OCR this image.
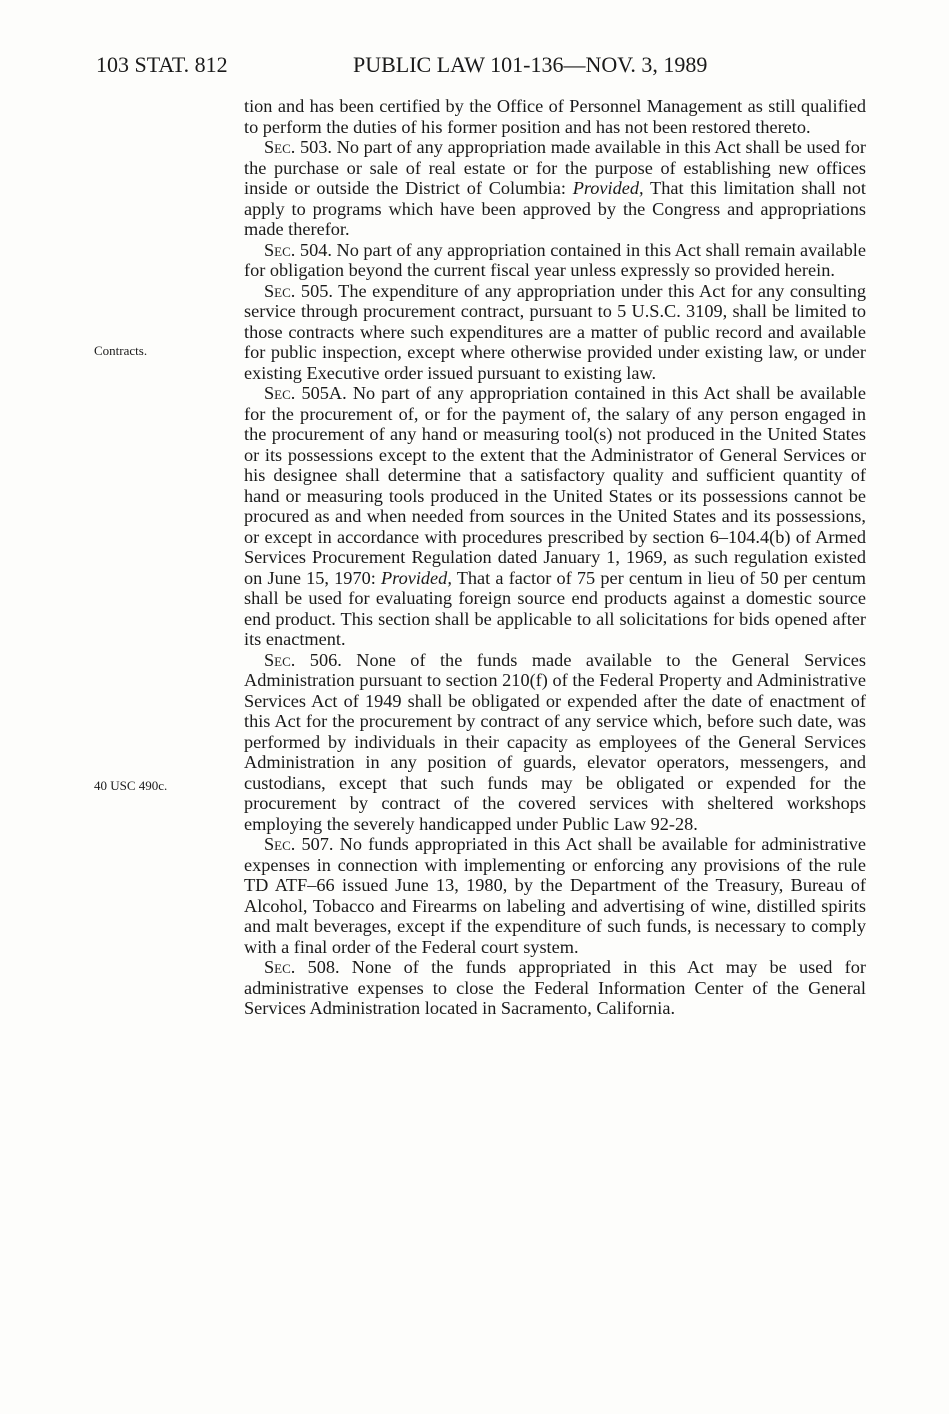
103 STAT. 812	PUBLIC LAW 101-136—NOV. 3, 1989
Contracts.
40 USC 490c.

tion and has been certified by the Office of Personnel Management as still qualified to perform the duties of his former position and has not been restored thereto.

Sec. 503. No part of any appropriation made available in this Act shall be used for the purchase or sale of real estate or for the purpose of establishing new offices inside or outside the District of Columbia: Provided, That this limitation shall not apply to programs which have been approved by the Congress and appropriations made therefor.

Sec. 504. No part of any appropriation contained in this Act shall remain available for obligation beyond the current fiscal year unless expressly so provided herein.

Sec. 505. The expenditure of any appropriation under this Act for any consulting service through procurement contract, pursuant to 5 U.S.C. 3109, shall be limited to those contracts where such expenditures are a matter of public record and available for public inspection, except where otherwise provided under existing law, or under existing Executive order issued pursuant to existing law.

Sec. 505A. No part of any appropriation contained in this Act shall be available for the procurement of, or for the payment of, the salary of any person engaged in the procurement of any hand or measuring tool(s) not produced in the United States or its possessions except to the extent that the Administrator of General Services or his designee shall determine that a satisfactory quality and sufficient quantity of hand or measuring tools produced in the United States or its possessions cannot be procured as and when needed from sources in the United States and its possessions, or except in accordance with procedures prescribed by section 6–104.4(b) of Armed Services Procurement Regulation dated January 1, 1969, as such regulation existed on June 15, 1970: Provided, That a factor of 75 per centum in lieu of 50 per centum shall be used for evaluating foreign source end products against a domestic source end product. This section shall be applicable to all solicitations for bids opened after its enactment.

Sec. 506. None of the funds made available to the General Services Administration pursuant to section 210(f) of the Federal Property and Administrative Services Act of 1949 shall be obligated or expended after the date of enactment of this Act for the procurement by contract of any service which, before such date, was performed by individuals in their capacity as employees of the General Services Administration in any position of guards, elevator operators, messengers, and custodians, except that such funds may be obligated or expended for the procurement by contract of the covered services with sheltered workshops employing the severely handicapped under Public Law 92-28.

Sec. 507. No funds appropriated in this Act shall be available for administrative expenses in connection with implementing or enforcing any provisions of the rule TD ATF–66 issued June 13, 1980, by the Department of the Treasury, Bureau of Alcohol, Tobacco and Firearms on labeling and advertising of wine, distilled spirits and malt beverages, except if the expenditure of such funds, is necessary to comply with a final order of the Federal court system.

Sec. 508. None of the funds appropriated in this Act may be used for administrative expenses to close the Federal Information Center of the General Services Administration located in Sacramento, California.
